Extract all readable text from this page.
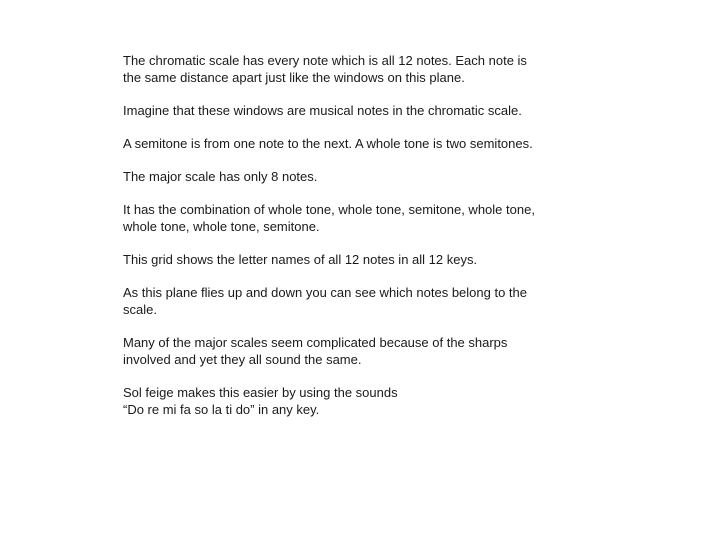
The chromatic scale has every note which is all 12 notes. Each note is
the same distance apart just like the windows on this plane.

Imagine that these windows are musical notes in the chromatic scale.

A semitone is from one note to the next. A whole tone is two semitones.

The major scale has only 8 notes.

It has the combination of whole tone, whole tone, semitone, whole tone,
whole tone, whole tone, semitone.

This grid shows the letter names of all 12 notes in all 12 keys.

As this plane flies up and down you can see which notes belong to the
scale.

Many of the major scales seem complicated because of the sharps
involved and yet they all sound the same.

Sol feige makes this easier by using the sounds
“Do re mi fa so la ti do” in any key.
